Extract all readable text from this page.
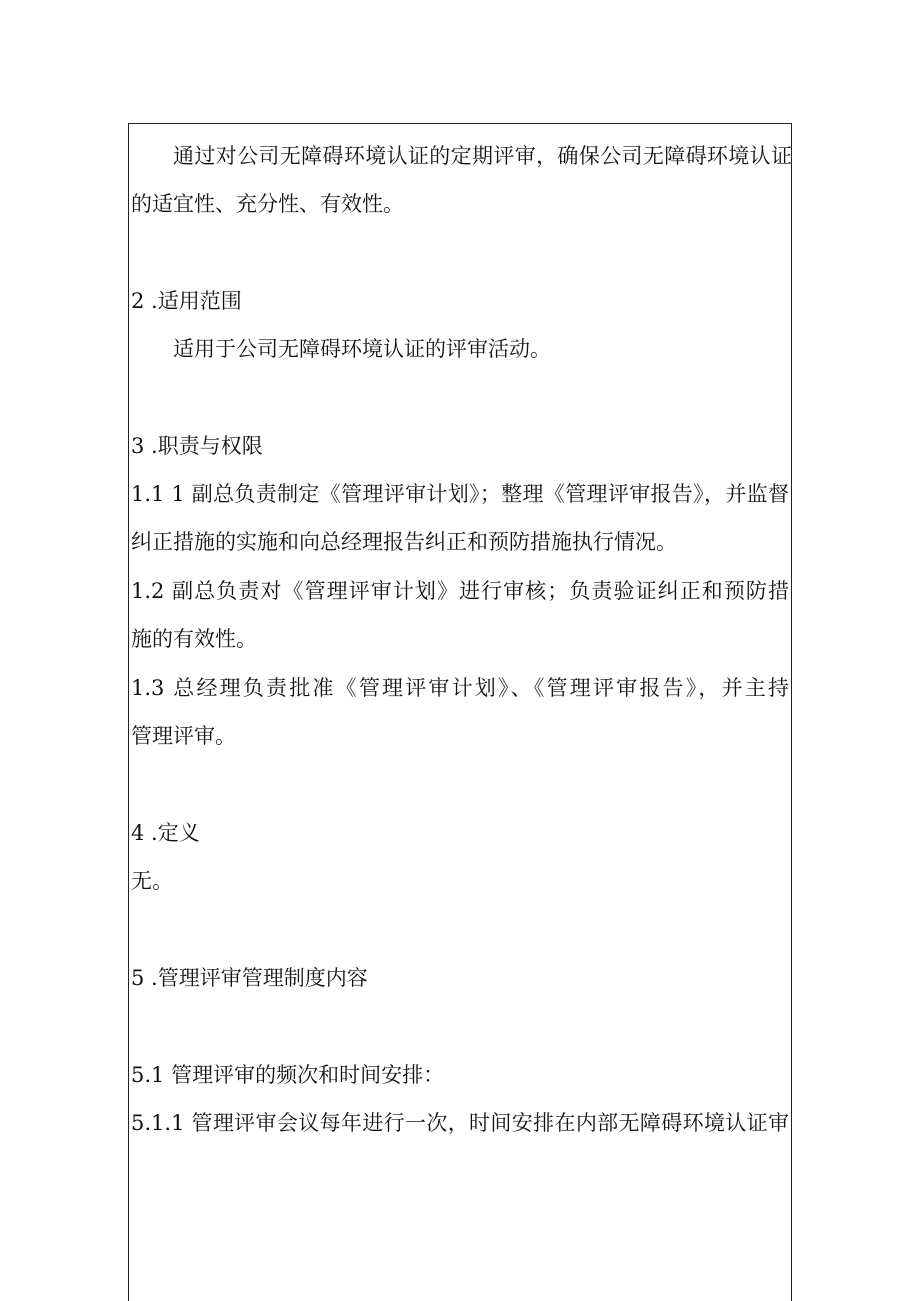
通过对公司无障碍环境认证的定期评审，确保公司无障碍环境认证
的适宜性、充分性、有效性。
2 .适用范围
适用于公司无障碍环境认证的评审活动。
3 .职责与权限
1.1 1 副总负责制定《管理评审计划》；整理《管理评审报告》，并监督
纠正措施的实施和向总经理报告纠正和预防措施执行情况。
1.2 副总负责对《管理评审计划》进行审核；负责验证纠正和预防措
施的有效性。
1.3 总经理负责批准《管理评审计划》、《管理评审报告》，并主持
管理评审。
4 .定义
无。
5 .管理评审管理制度内容
5.1 管理评审的频次和时间安排：
5.1.1 管理评审会议每年进行一次，时间安排在内部无障碍环境认证审
